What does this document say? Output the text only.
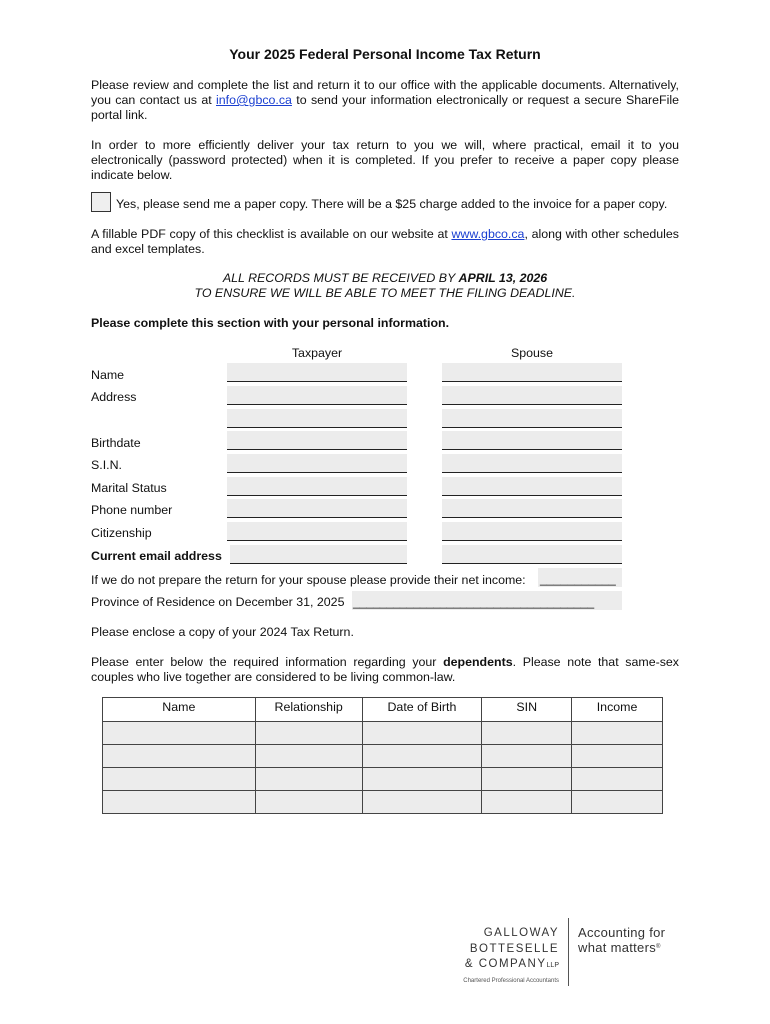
Your 2025 Federal Personal Income Tax Return
Please review and complete the list and return it to our office with the applicable documents. Alternatively, you can contact us at info@gbco.ca to send your information electronically or request a secure ShareFile portal link.
In order to more efficiently deliver your tax return to you we will, where practical, email it to you electronically (password protected) when it is completed. If you prefer to receive a paper copy please indicate below.
Yes, please send me a paper copy. There will be a $25 charge added to the invoice for a paper copy.
A fillable PDF copy of this checklist is available on our website at www.gbco.ca, along with other schedules and excel templates.
ALL RECORDS MUST BE RECEIVED BY APRIL 13, 2026
TO ENSURE WE WILL BE ABLE TO MEET THE FILING DEADLINE.
Please complete this section with your personal information.
Taxpayer	Spouse
Name
Address
Birthdate
S.I.N.
Marital Status
Phone number
Citizenship
Current email address
If we do not prepare the return for your spouse please provide their net income: ___________
Province of Residence on December 31, 2025 ____________________________________
Please enclose a copy of your 2024 Tax Return.
Please enter below the required information regarding your dependents. Please note that same-sex couples who live together are considered to be living common-law.
Name	Relationship	Date of Birth	SIN	Income

GALLOWAY
BOTTESELLE
& COMPANYLLP
Chartered Professional Accountants
Accounting for
what matters®
